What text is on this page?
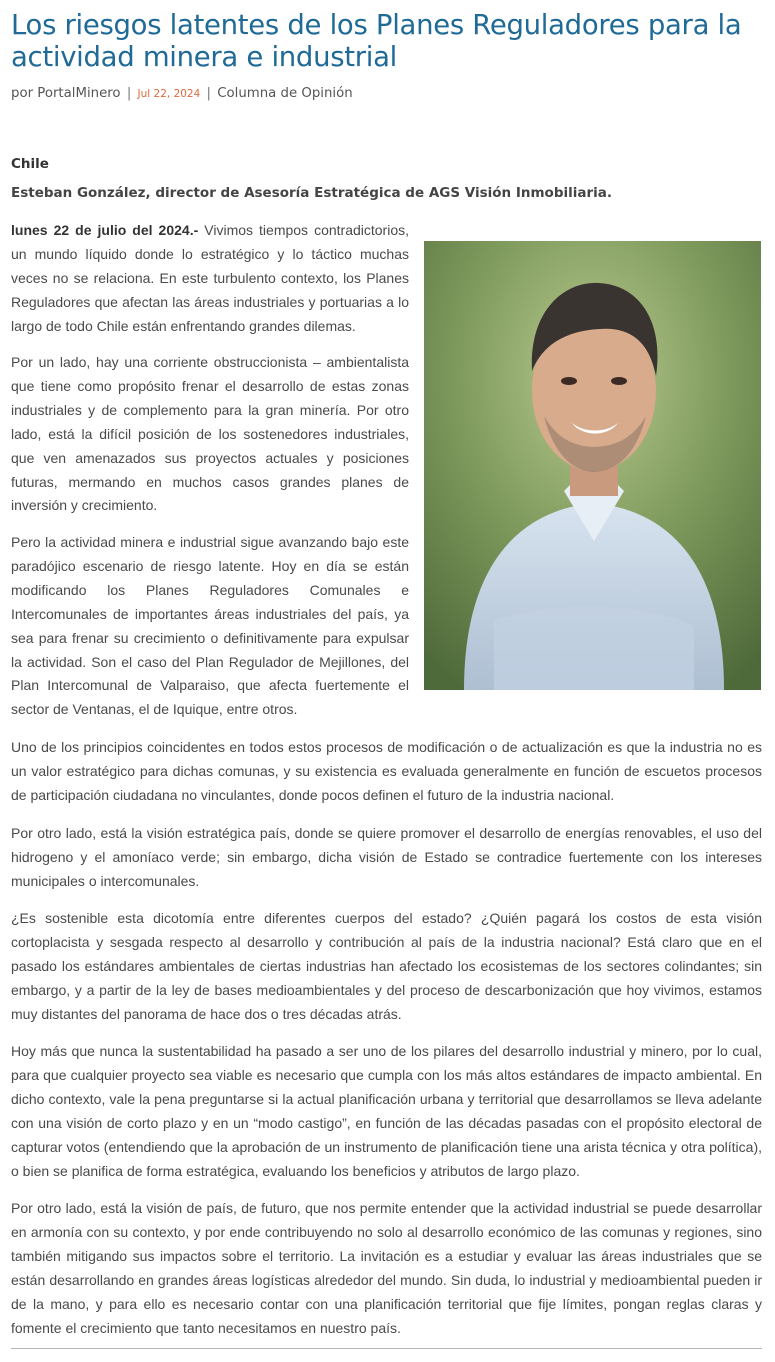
Los riesgos latentes de los Planes Reguladores para la actividad minera e industrial
por PortalMinero | Jul 22, 2024 | Columna de Opinión
Chile
Esteban González, director de Asesoría Estratégica de AGS Visión Inmobiliaria.

lunes 22 de julio del 2024.- Vivimos tiempos contradictorios, un mundo líquido donde lo estratégico y lo táctico muchas veces no se relaciona. En este turbulento contexto, los Planes Reguladores que afectan las áreas industriales y portuarias a lo largo de todo Chile están enfrentando grandes dilemas.

Por un lado, hay una corriente obstruccionista – ambientalista que tiene como propósito frenar el desarrollo de estas zonas industriales y de complemento para la gran minería. Por otro lado, está la difícil posición de los sostenedores industriales, que ven amenazados sus proyectos actuales y posiciones futuras, mermando en muchos casos grandes planes de inversión y crecimiento.

Pero la actividad minera e industrial sigue avanzando bajo este paradójico escenario de riesgo latente. Hoy en día se están modificando los Planes Reguladores Comunales e Intercomunales de importantes áreas industriales del país, ya sea para frenar su crecimiento o definitivamente para expulsar la actividad. Son el caso del Plan Regulador de Mejillones, del Plan Intercomunal de Valparaiso, que afecta fuertemente el sector de Ventanas, el de Iquique, entre otros.

Uno de los principios coincidentes en todos estos procesos de modificación o de actualización es que la industria no es un valor estratégico para dichas comunas, y su existencia es evaluada generalmente en función de escuetos procesos de participación ciudadana no vinculantes, donde pocos definen el futuro de la industria nacional.

Por otro lado, está la visión estratégica país, donde se quiere promover el desarrollo de energías renovables, el uso del hidrogeno y el amoníaco verde; sin embargo, dicha visión de Estado se contradice fuertemente con los intereses municipales o intercomunales.

¿Es sostenible esta dicotomía entre diferentes cuerpos del estado? ¿Quién pagará los costos de esta visión cortoplacista y sesgada respecto al desarrollo y contribución al país de la industria nacional? Está claro que en el pasado los estándares ambientales de ciertas industrias han afectado los ecosistemas de los sectores colindantes; sin embargo, y a partir de la ley de bases medioambientales y del proceso de descarbonización que hoy vivimos, estamos muy distantes del panorama de hace dos o tres décadas atrás.

Hoy más que nunca la sustentabilidad ha pasado a ser uno de los pilares del desarrollo industrial y minero, por lo cual, para que cualquier proyecto sea viable es necesario que cumpla con los más altos estándares de impacto ambiental. En dicho contexto, vale la pena preguntarse si la actual planificación urbana y territorial que desarrollamos se lleva adelante con una visión de corto plazo y en un “modo castigo”, en función de las décadas pasadas con el propósito electoral de capturar votos (entendiendo que la aprobación de un instrumento de planificación tiene una arista técnica y otra política), o bien se planifica de forma estratégica, evaluando los beneficios y atributos de largo plazo.

Por otro lado, está la visión de país, de futuro, que nos permite entender que la actividad industrial se puede desarrollar en armonía con su contexto, y por ende contribuyendo no solo al desarrollo económico de las comunas y regiones, sino también mitigando sus impactos sobre el territorio. La invitación es a estudiar y evaluar las áreas industriales que se están desarrollando en grandes áreas logísticas alrededor del mundo. Sin duda, lo industrial y medioambiental pueden ir de la mano, y para ello es necesario contar con una planificación territorial que fije límites, pongan reglas claras y fomente el crecimiento que tanto necesitamos en nuestro país.
